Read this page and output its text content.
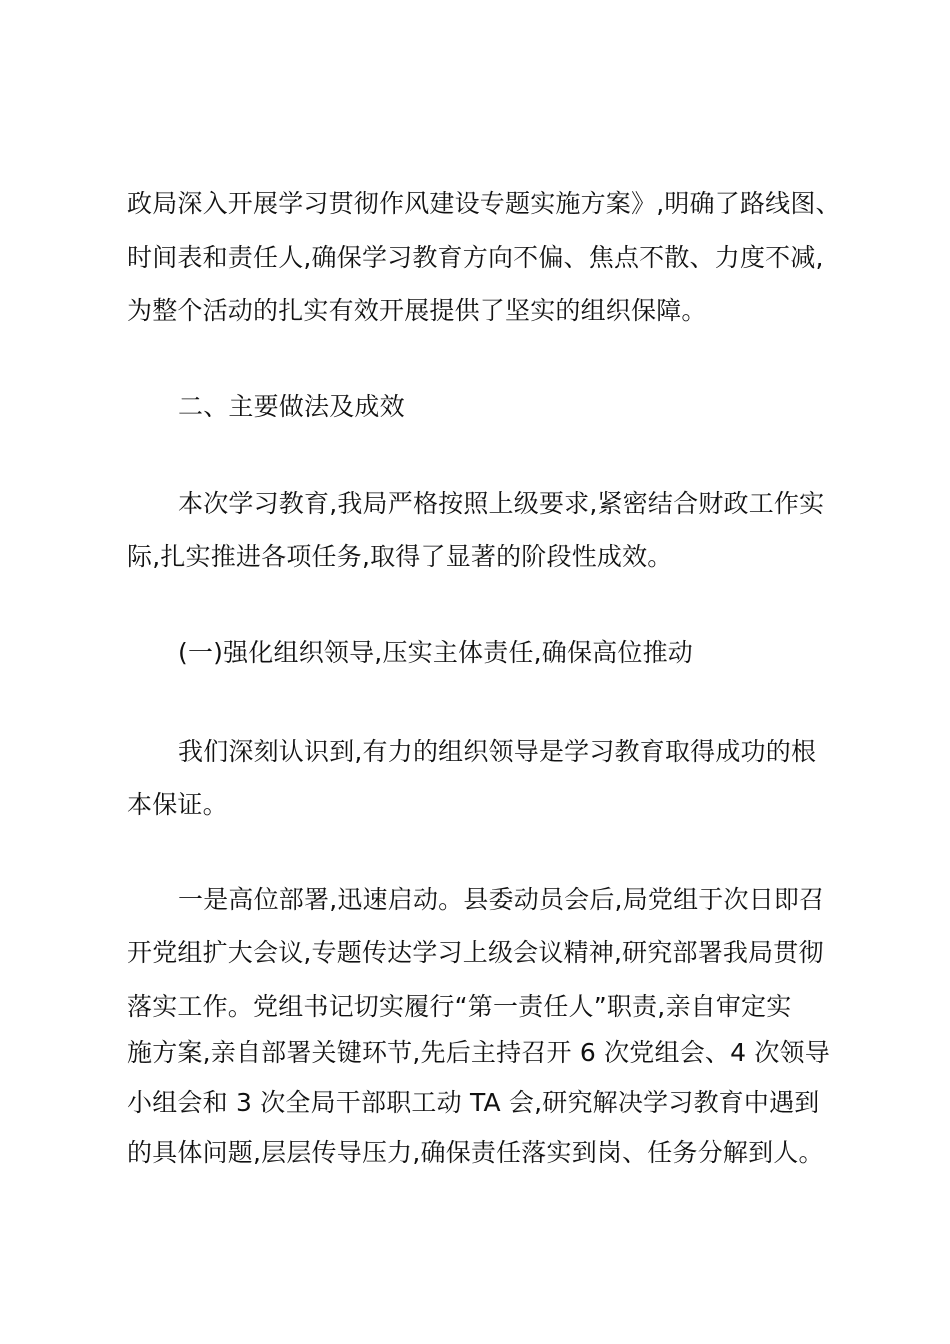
政局深入开展学习贯彻作风建设专题实施方案》,明确了路线图、
时间表和责任人,确保学习教育方向不偏、焦点不散、力度不减,
为整个活动的扎实有效开展提供了坚实的组织保障。
二、主要做法及成效
本次学习教育,我局严格按照上级要求,紧密结合财政工作实
际,扎实推进各项任务,取得了显著的阶段性成效。
(一)强化组织领导,压实主体责任,确保高位推动
我们深刻认识到,有力的组织领导是学习教育取得成功的根
本保证。
一是高位部署,迅速启动。县委动员会后,局党组于次日即召
开党组扩大会议,专题传达学习上级会议精神,研究部署我局贯彻
落实工作。党组书记切实履行“第一责任人”职责,亲自审定实
施方案,亲自部署关键环节,先后主持召开 6 次党组会、4 次领导
小组会和 3 次全局干部职工动 TA 会,研究解决学习教育中遇到
的具体问题,层层传导压力,确保责任落实到岗、任务分解到人。
